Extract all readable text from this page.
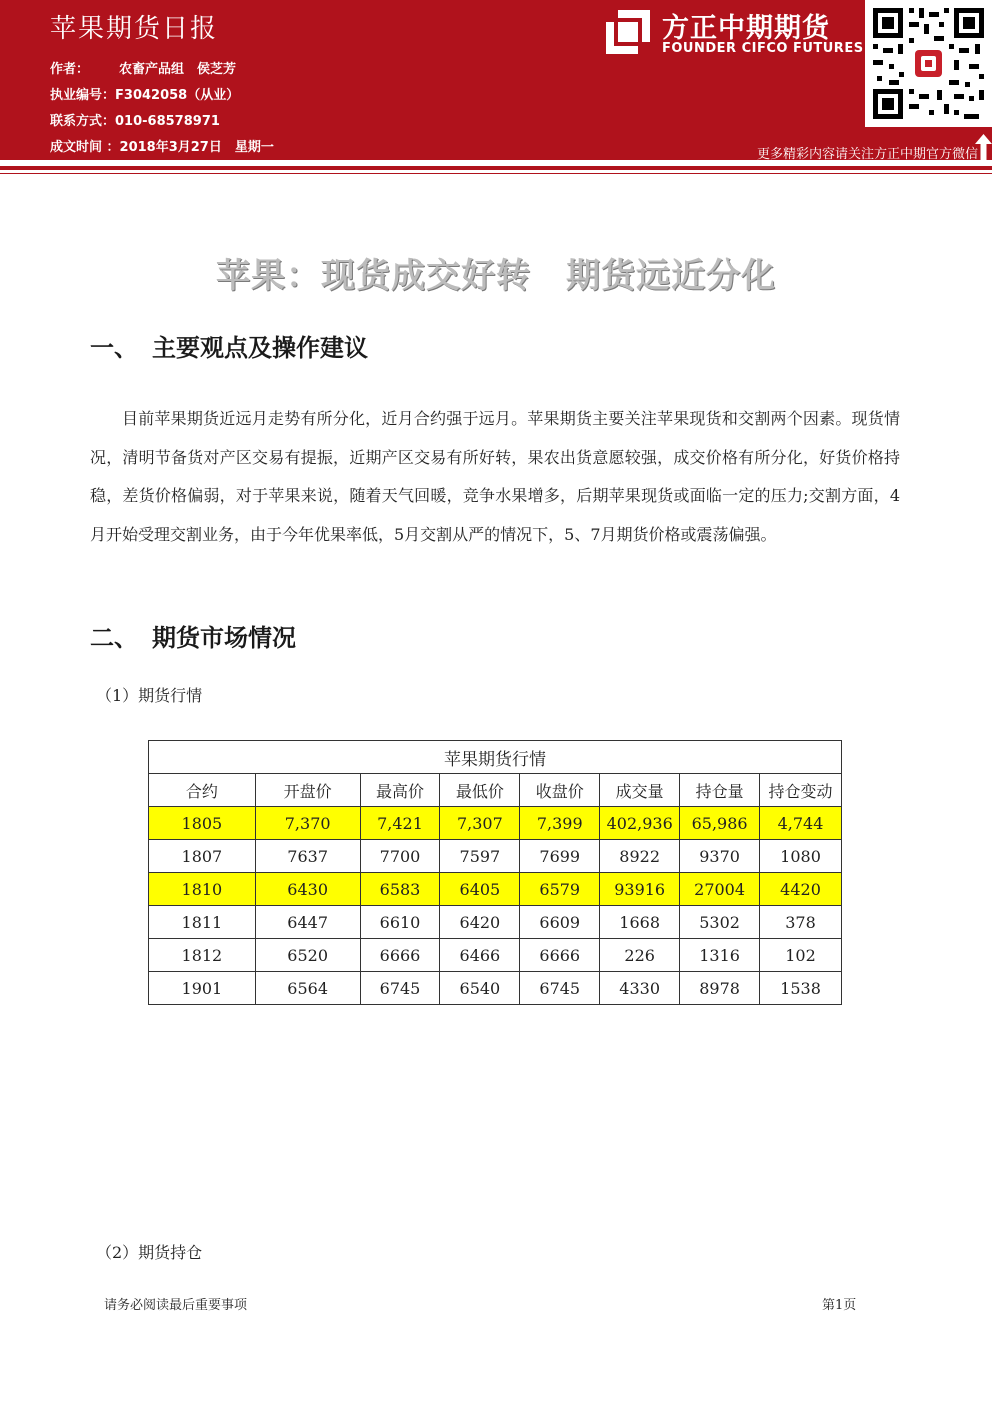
苹果期货日报
作者： 农畜产品组　侯芝芳
执业编号：F3042058（从业）
联系方式：010-68578971
成文时间 ：2018年3月27日　星期一
方正中期期货
FOUNDER CIFCO FUTURES
更多精彩内容请关注方正中期官方微信
苹果：现货成交好转　期货远近分化
一、 主要观点及操作建议
目前苹果期货近远月走势有所分化，近月合约强于远月。苹果期货主要关注苹果现货和交割两个因素。现货情况，清明节备货对产区交易有提振，近期产区交易有所好转，果农出货意愿较强，成交价格有所分化，好货价格持稳，差货价格偏弱，对于苹果来说，随着天气回暖，竞争水果增多，后期苹果现货或面临一定的压力;交割方面，4月开始受理交割业务，由于今年优果率低，5月交割从严的情况下，5、7月期货价格或震荡偏强。
二、 期货市场情况
（1）期货行情
苹果期货行情							
合约	开盘价	最高价	最低价	收盘价	成交量	持仓量	持仓变动
1805	7,370	7,421	7,307	7,399	402,936	65,986	4,744
1807	7637	7700	7597	7699	8922	9370	1080
1810	6430	6583	6405	6579	93916	27004	4420
1811	6447	6610	6420	6609	1668	5302	378
1812	6520	6666	6466	6666	226	1316	102
1901	6564	6745	6540	6745	4330	8978	1538
（2）期货持仓
请务必阅读最后重要事项	第1页
